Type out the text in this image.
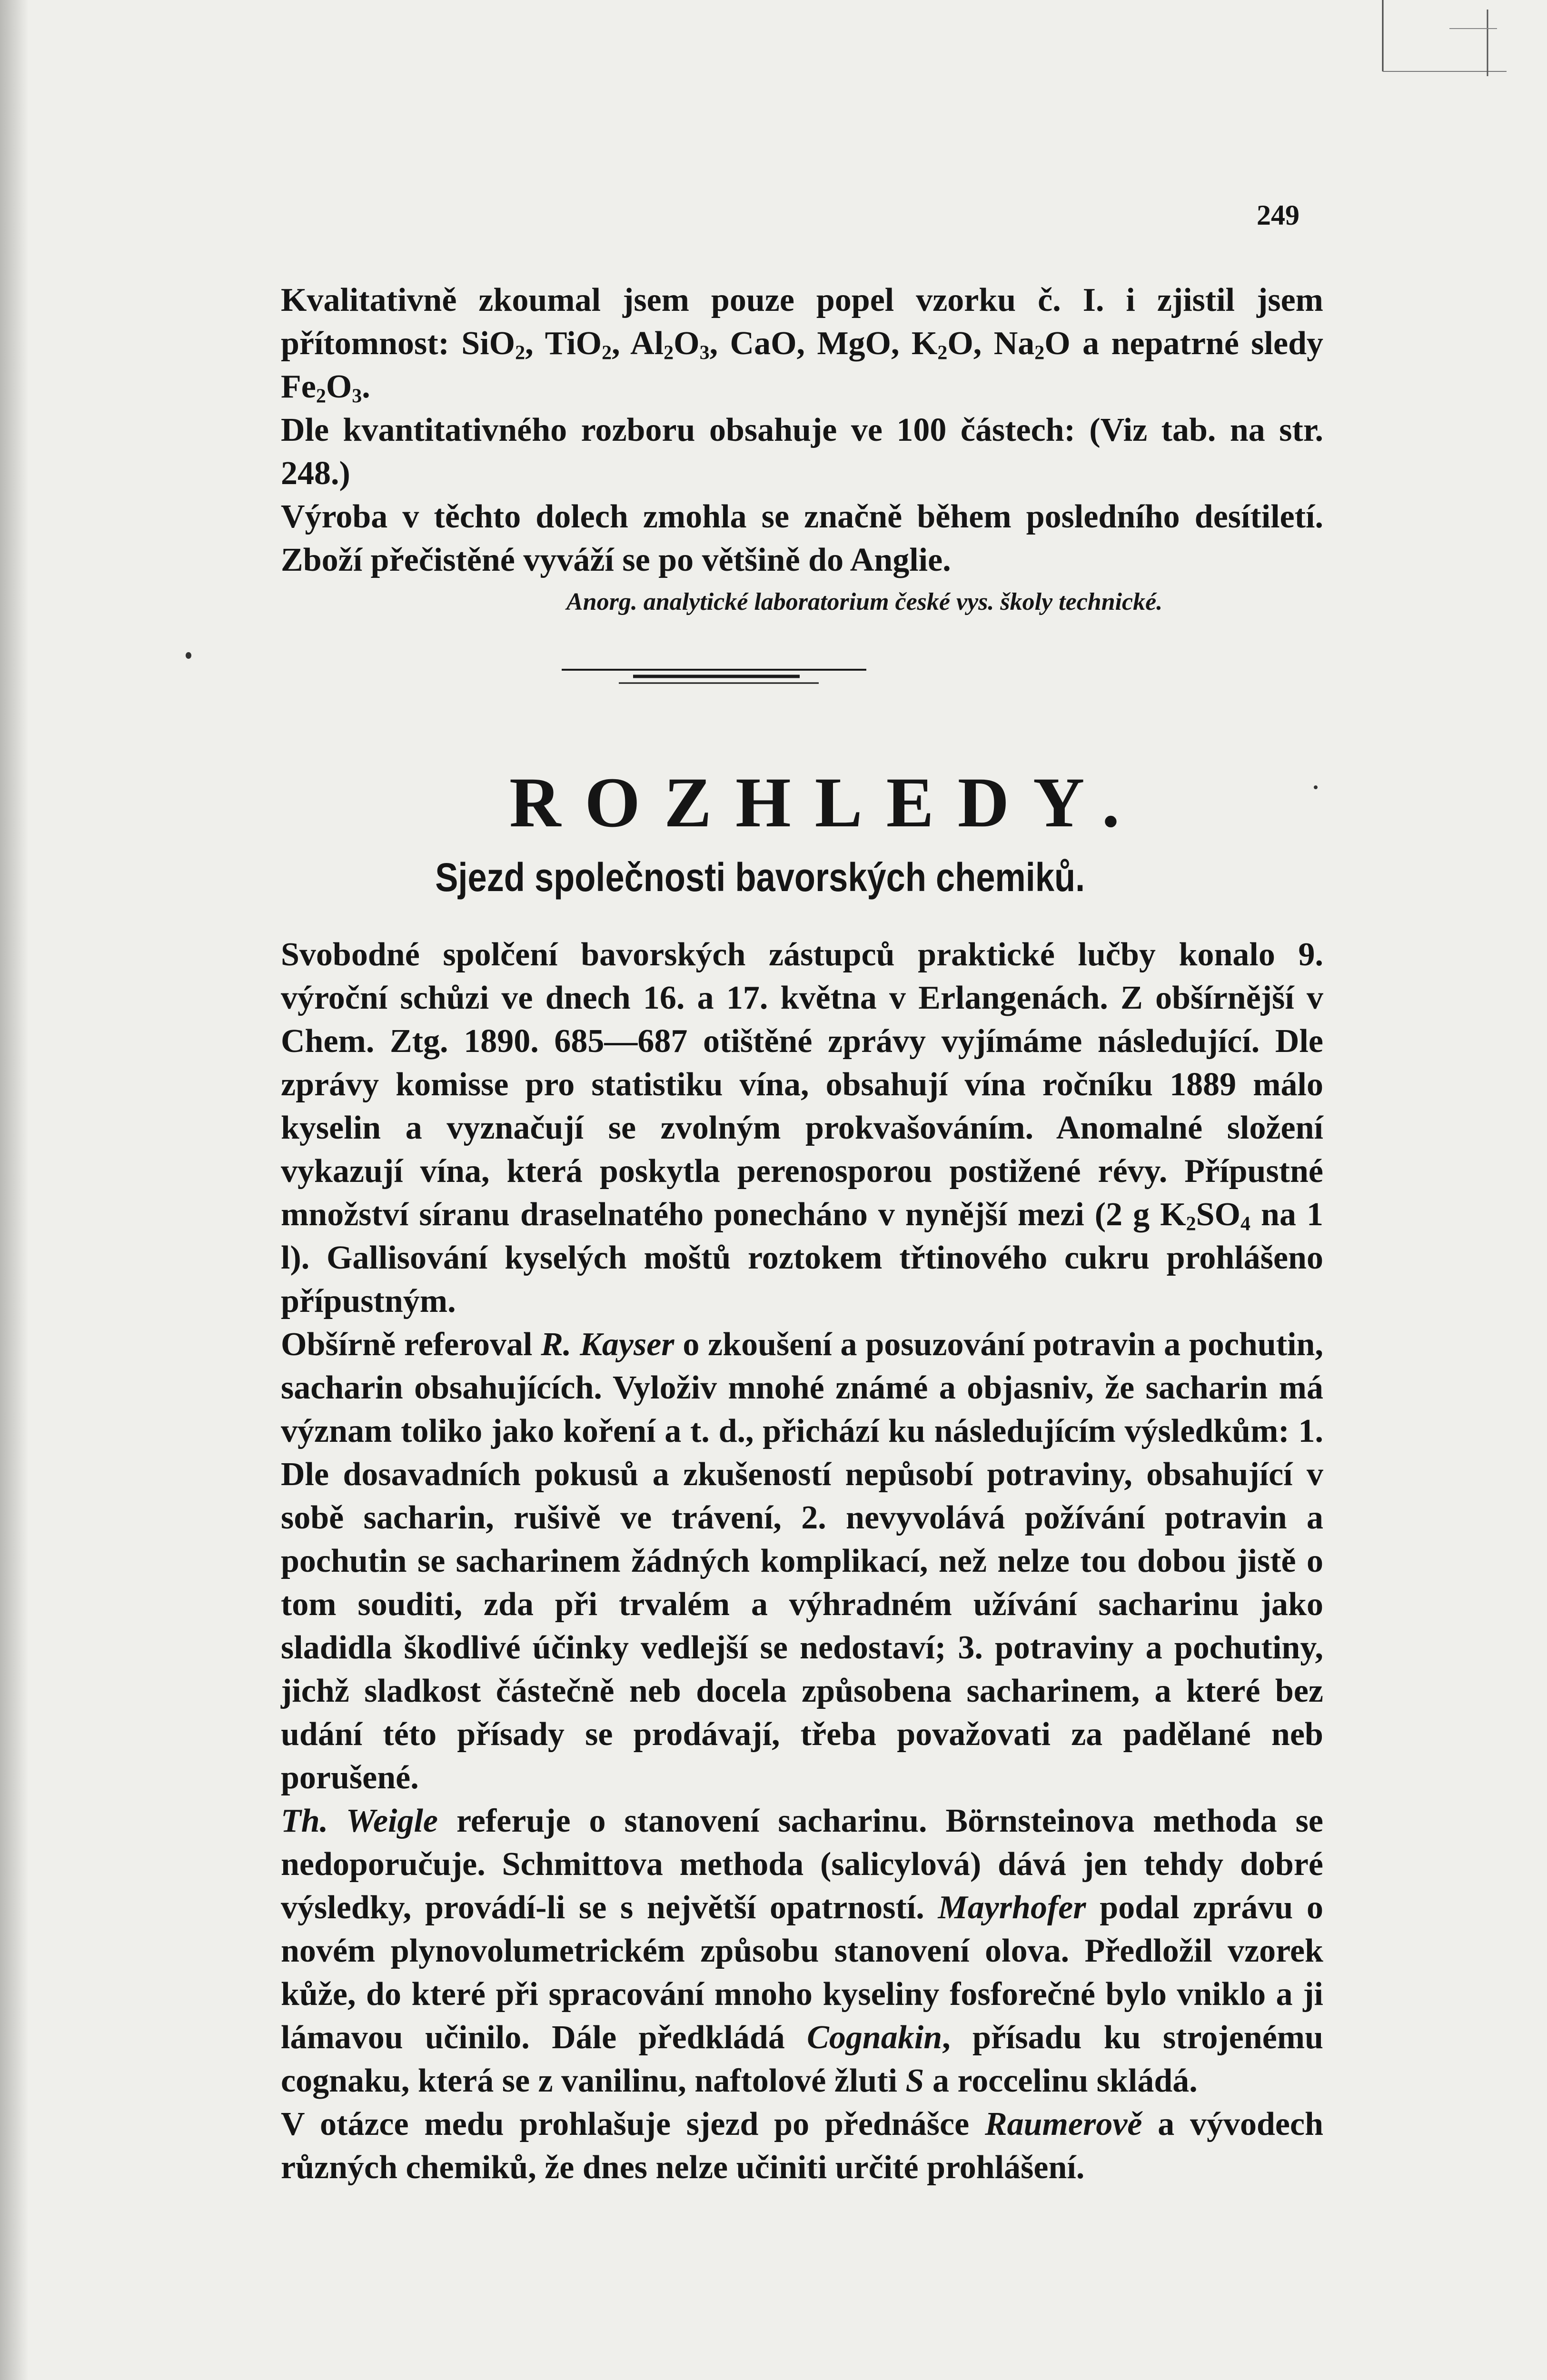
249

Kvalitativně zkoumal jsem pouze popel vzorku č. I. i zjistil jsem přítomnost: SiO$_2$, TiO$_2$, $Al_2O_3$, CaO, MgO, $K_2O$, $Na_2O$ a nepatrné sledy $Fe_2O_3$.

Dle kvantitativného rozboru obsahuje ve 100 částech: (Viz tab. na str. 248.)

Výroba v těchto dolech zmohla se značně během posledního desítiletí. Zboží přečistěné vyváží se po většině do Anglie.

Anorg. analytické laboratorium české vys. školy technické.
ROZHLEDY.
Sjezd společnosti bavorských chemiků.

Svobodné spolčení bavorských zástupců praktické lučby konalo 9. výroční schůzi ve dnech 16. a 17. května v Erlangenách. Z obšírnější v Chem. Ztg. 1890. 685—687 otištěné zprávy vyjímáme následující. Dle zprávy komisse pro statistiku vína, obsahují vína ročníku 1889 málo kyselin a vyznačují se zvolným prokvašováním. Anomalné složení vykazují vína, která poskytla perenosporou postižené révy. Přípustné množství síranu draselnatého ponecháno v nynější mezi (2 g $K_2SO_4$ na 1 l). Gallisování kyselých moštů roztokem třtinového cukru prohlášeno přípustným.

Obšírně referoval R. Kayser o zkoušení a posuzování potravin a pochutin, sacharin obsahujících. Vyloživ mnohé známé a objasniv, že sacharin má význam toliko jako koření a t. d., přichází ku následujícím výsledkům: 1. Dle dosavadních pokusů a zkušeností nepůsobí potraviny, obsahující v sobě sacharin, rušivě ve trávení, 2. nevyvolává požívání potravin a pochutin se sacharinem žádných komplikací, než nelze tou dobou jistě o tom souditi, zda při trvalém a výhradném užívání sacharinu jako sladidla škodlivé účinky vedlejší se nedostaví; 3. potraviny a pochutiny, jichž sladkost částečně neb docela způsobena sacharinem, a které bez udání této přísady se prodávají, třeba považovati za padělané neb porušené.

Th. Weigle referuje o stanovení sacharinu. Börnsteinova methoda se nedoporučuje. Schmittova methoda (salicylová) dává jen tehdy dobré výsledky, provádí-li se s největší opatrností. Mayrhofer podal zprávu o novém plynovolumetrickém způsobu stanovení olova. Předložil vzorek kůže, do které při spracování mnoho kyseliny fosforečné bylo vniklo a ji lámavou učinilo. Dále předkládá Cognakin, přísadu ku strojenému cognaku, která se z vanilinu, naftolové žluti S a roccelinu skládá.

V otázce medu prohlašuje sjezd po přednášce Raumerově a vývodech různých chemiků, že dnes nelze učiniti určité prohlášení.
